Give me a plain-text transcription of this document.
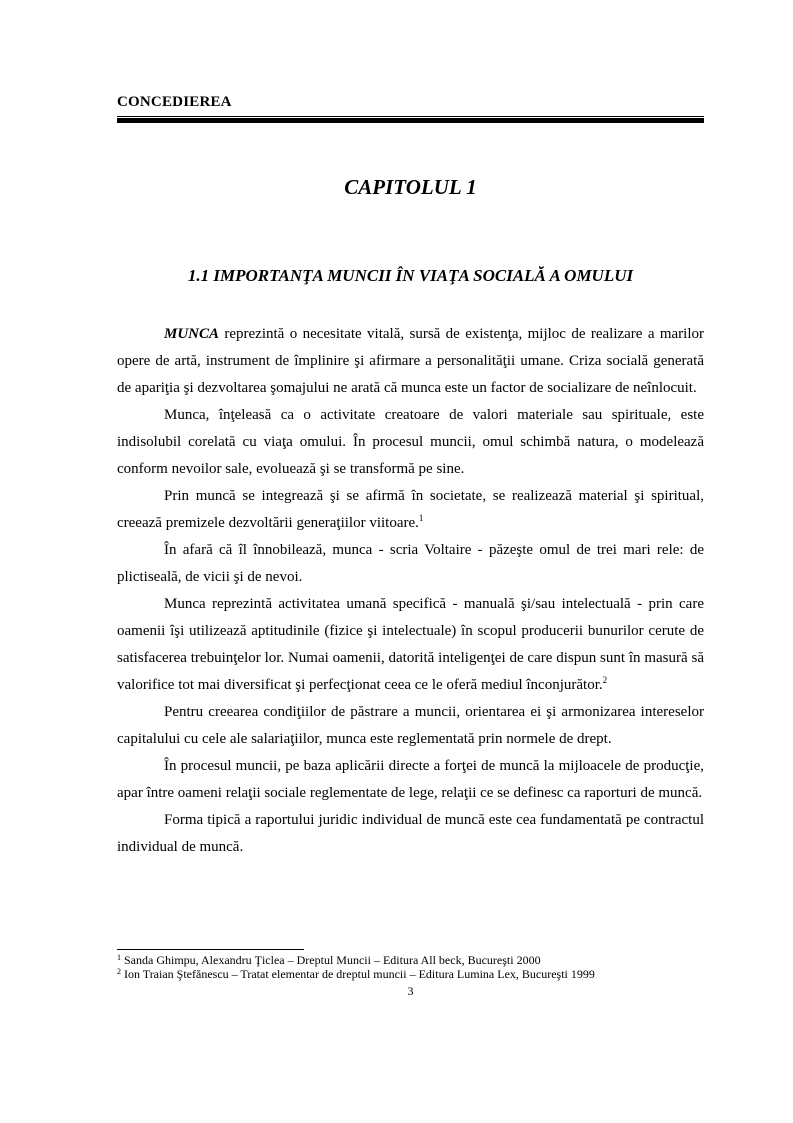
CONCEDIEREA
CAPITOLUL 1
1.1 IMPORTANŢA MUNCII ÎN VIAŢA SOCIALĂ A OMULUI

MUNCA reprezintă o necesitate vitală, sursă de existenţa, mijloc de realizare a marilor opere de artă, instrument de împlinire şi afirmare a personalităţii umane. Criza socială generată de apariţia şi dezvoltarea şomajului ne arată că munca este un factor de socializare de neînlocuit.

Munca, înţeleasă ca o activitate creatoare de valori materiale sau spirituale, este indisolubil corelată cu viaţa omului. În procesul muncii, omul schimbă natura, o modelează conform nevoilor sale, evoluează şi se transformă pe sine.

Prin muncă se integrează şi se afirmă în societate, se realizează material şi spiritual, creează premizele dezvoltării generaţiilor viitoare.$^1$

În afară că îl înnobilează, munca - scria Voltaire - păzeşte omul de trei mari rele: de plictiseală, de vicii şi de nevoi.

Munca reprezintă activitatea umană specifică - manuală şi/sau intelectuală - prin care oamenii îşi utilizează aptitudinile (fizice şi intelectuale) în scopul producerii bunurilor cerute de satisfacerea trebuinţelor lor. Numai oamenii, datorită inteligenţei de care dispun sunt în masură să valorifice tot mai diversificat şi perfecţionat ceea ce le oferă mediul înconjurător.$^2$

Pentru creearea condiţiilor de păstrare a muncii, orientarea ei şi armonizarea intereselor capitalului cu cele ale salariaţiilor, munca este reglementată prin normele de drept.

În procesul muncii, pe baza aplicării directe a forţei de muncă la mijloacele de producţie, apar între oameni relaţii sociale reglementate de lege, relaţii ce se definesc ca raporturi de muncă.

Forma tipică a raportului juridic individual de muncă este cea fundamentată pe contractul individual de muncă.

$^1$ Sanda Ghimpu, Alexandru Ţiclea – Dreptul Muncii – Editura All beck, Bucureşti 2000
$^2$ Ion Traian Ştefănescu – Tratat elementar de dreptul muncii – Editura Lumina Lex, Bucureşti 1999
3
